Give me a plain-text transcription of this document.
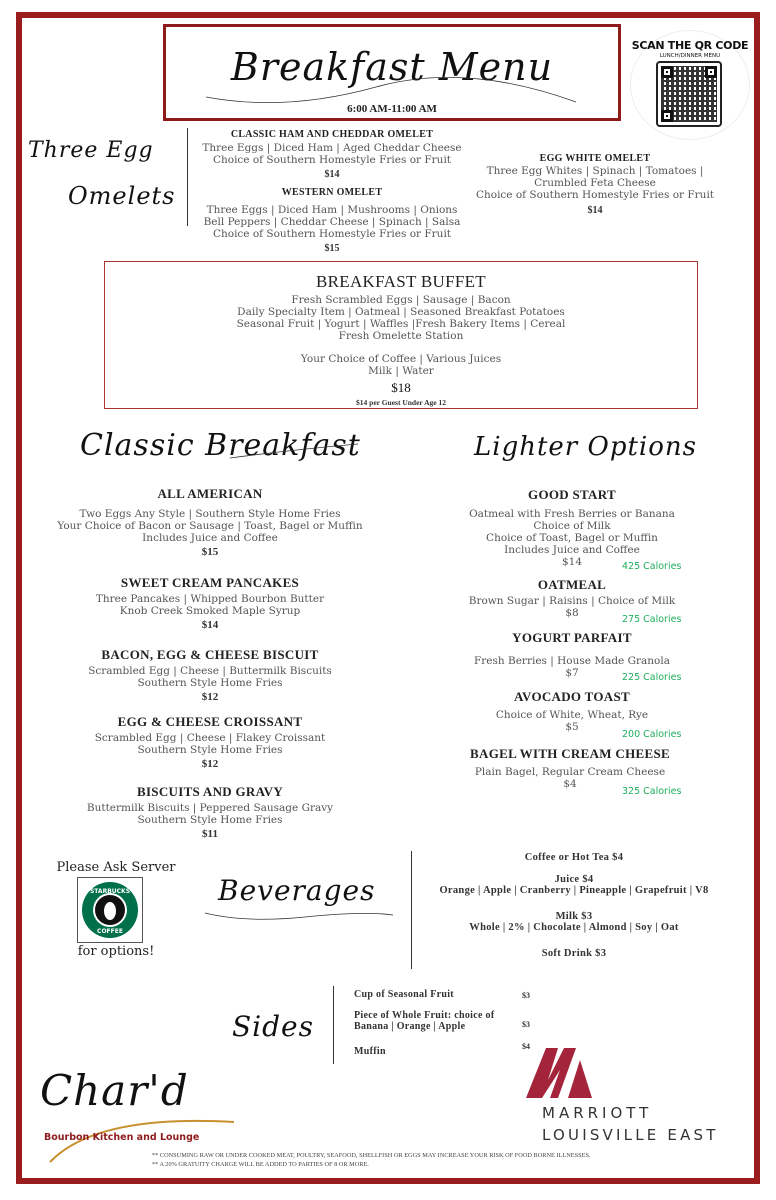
Breakfast Menu
6:00 AM-11:00 AM
SCAN THE QR CODE
LUNCH/DINNER MENU
Three Egg
Omelets
CLASSIC HAM AND CHEDDAR OMELET
Three Eggs | Diced Ham | Aged Cheddar Cheese
Choice of Southern Homestyle Fries or Fruit
$14
WESTERN OMELET
Three Eggs | Diced Ham | Mushrooms | Onions
Bell Peppers | Cheddar Cheese | Spinach | Salsa
Choice of Southern Homestyle Fries or Fruit
$15
EGG WHITE OMELET
Three Egg Whites | Spinach | Tomatoes |
Crumbled Feta Cheese
Choice of Southern Homestyle Fries or Fruit
$14
BREAKFAST BUFFET
Fresh Scrambled Eggs | Sausage | Bacon
Daily Specialty Item | Oatmeal | Seasoned Breakfast Potatoes
Seasonal Fruit | Yogurt | Waffles |Fresh Bakery Items | Cereal
Fresh Omelette Station
Your Choice of Coffee | Various Juices
Milk | Water
$18
$14 per Guest Under Age 12
Classic Breakfast
ALL AMERICAN
Two Eggs Any Style | Southern Style Home Fries
Your Choice of Bacon or Sausage | Toast, Bagel or Muffin
Includes Juice and Coffee
$15
SWEET CREAM PANCAKES
Three Pancakes | Whipped Bourbon Butter
Knob Creek Smoked Maple Syrup
$14
BACON, EGG & CHEESE BISCUIT
Scrambled Egg | Cheese | Buttermilk Biscuits
Southern Style Home Fries
$12
EGG & CHEESE CROISSANT
Scrambled Egg | Cheese | Flakey Croissant
Southern Style Home Fries
$12
BISCUITS AND GRAVY
Buttermilk Biscuits | Peppered Sausage Gravy
Southern Style Home Fries
$11
Lighter Options
GOOD START
Oatmeal with Fresh Berries or Banana
Choice of Milk
Choice of Toast, Bagel or Muffin
Includes Juice and Coffee
$14	425 Calories
OATMEAL
Brown Sugar | Raisins | Choice of Milk
$8
275 Calories
YOGURT PARFAIT
Fresh Berries | House Made Granola
$7	225 Calories
AVOCADO TOAST
Choice of White, Wheat, Rye
$5
200 Calories
BAGEL WITH CREAM CHEESE
Plain Bagel, Regular Cream Cheese
$4
325 Calories
Please Ask Server
STARBUCKS
COFFEE
for options!
Beverages
Coffee or Hot Tea $4
Juice $4
Orange | Apple | Cranberry | Pineapple | Grapefruit | V8
Milk $3
Whole | 2% | Chocolate | Almond | Soy | Oat
Soft Drink $3
Sides
Cup of Seasonal Fruit	$3
Piece of Whole Fruit: choice of
Banana | Orange | Apple	$3
Muffin	$4
Char'd
Bourbon Kitchen and Lounge
MARRIOTT
LOUISVILLE EAST
** CONSUMING RAW OR UNDER COOKED MEAT, POULTRY, SEAFOOD, SHELLFISH OR EGGS MAY INCREASE YOUR RISK OF FOOD BORNE ILLNESSES.
** A 20% GRATUITY CHARGE WILL BE ADDED TO PARTIES OF 8 OR MORE.
